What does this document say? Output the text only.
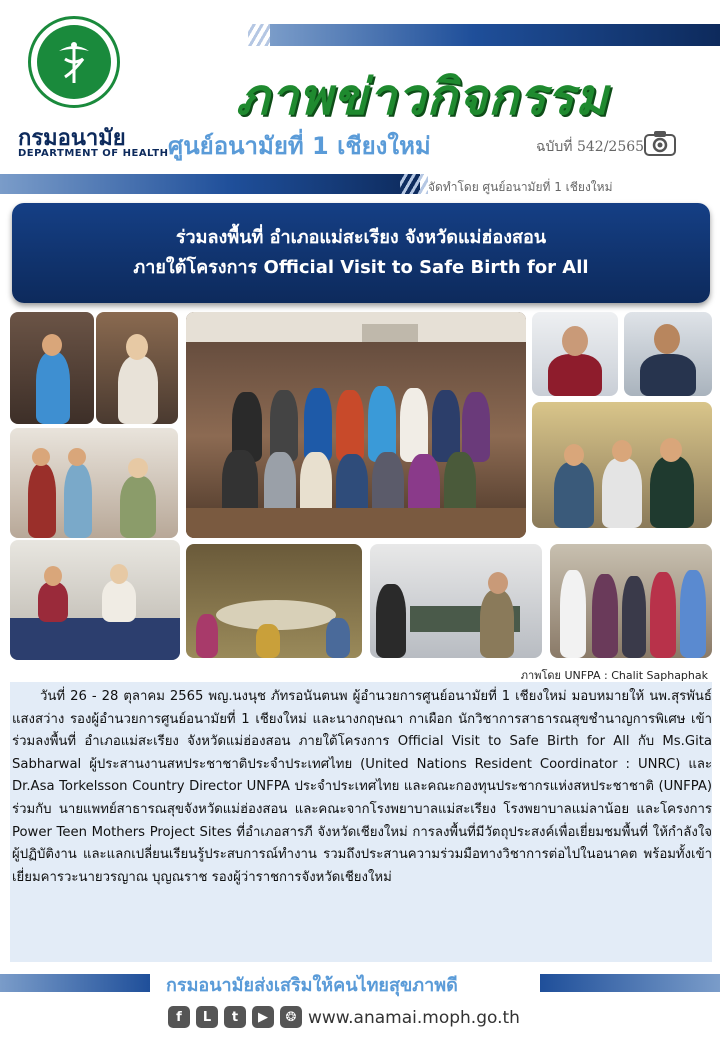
กรมอนามัย
DEPARTMENT OF HEALTH
ภาพข่าวกิจกรรม
ศูนย์อนามัยที่ 1 เชียงใหม่	ฉบับที่ 542/2565
จัดทำโดย ศูนย์อนามัยที่ 1 เชียงใหม่
ร่วมลงพื้นที่ อำเภอแม่สะเรียง จังหวัดแม่ฮ่องสอน
ภายใต้โครงการ Official Visit to Safe Birth for All
ภาพโดย UNFPA : Chalit Saphaphak
วันที่ 26 - 28 ตุลาคม 2565 พญ.นงนุช ภัทรอนันตนพ ผู้อำนวยการศูนย์อนามัยที่ 1 เชียงใหม่ มอบหมายให้ นพ.สุรพันธ์ แสงสว่าง รองผู้อำนวยการศูนย์อนามัยที่ 1 เชียงใหม่ และนางกฤษณา กาเผือก นักวิชาการสาธารณสุขชำนาญการพิเศษ เข้าร่วมลงพื้นที่ อำเภอแม่สะเรียง จังหวัดแม่ฮ่องสอน ภายใต้โครงการ Official Visit to Safe Birth for All กับ Ms.Gita Sabharwal ผู้ประสานงานสหประชาชาติประจำประเทศไทย (United Nations Resident Coordinator : UNRC) และ Dr.Asa Torkelsson Country Director UNFPA ประจำประเทศไทย และคณะกองทุนประชากรแห่งสหประชาชาติ (UNFPA) ร่วมกับ นายแพทย์สาธารณสุขจังหวัดแม่ฮ่องสอน และคณะจากโรงพยาบาลแม่สะเรียง โรงพยาบาลแม่ลาน้อย และโครงการ Power Teen Mothers Project Sites ที่อำเภอสารภี จังหวัดเชียงใหม่ การลงพื้นที่มีวัตถุประสงค์เพื่อเยี่ยมชมพื้นที่ ให้กำลังใจผู้ปฏิบัติงาน และแลกเปลี่ยนเรียนรู้ประสบการณ์ทำงาน รวมถึงประสานความร่วมมือทางวิชาการต่อไปในอนาคต พร้อมทั้งเข้าเยี่ยมคารวะนายวรญาณ บุญณราช รองผู้ว่าราชการจังหวัดเชียงใหม่
กรมอนามัยส่งเสริมให้คนไทยสุขภาพดี
f	L	t	▶	❂ www.anamai.moph.go.th
